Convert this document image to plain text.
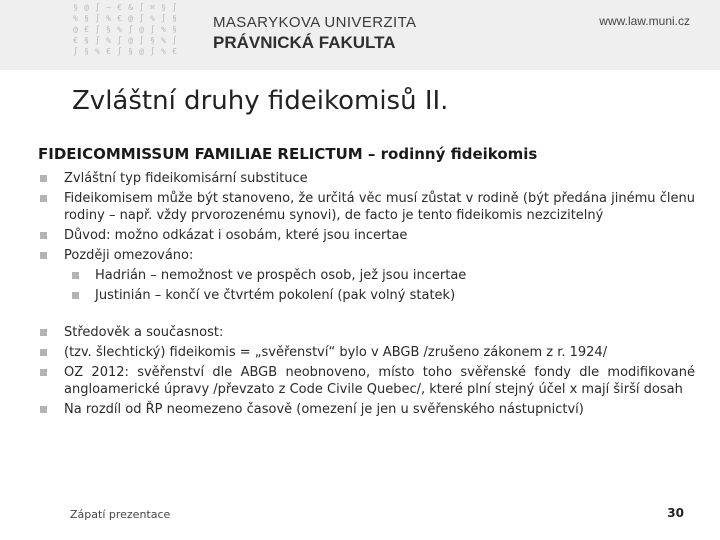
§ @ ∫ ~ € & ∫ ⌘ § ∫
% § ∫ % € @ ∫ % ∫ §
@ € ∫ § % ∫ @ ∫ % §
€ § ∫ % ∫ @ ∫ § % ∫
∫ § % € ∫ § @ ∫ % €
MASARYKOVA UNIVERZITA
PRÁVNICKÁ FAKULTA
www.law.muni.cz
Zvláštní druhy fideikomisů II.
FIDEICOMMISSUM FAMILIAE RELICTUM – rodinný fideikomis
Zvláštní typ fideikomisární substituce
Fideikomisem může být stanoveno, že určitá věc musí zůstat v rodině (být předána jinému členu rodiny – např. vždy prvorozenému synovi), de facto je tento fideikomis nezcizitelný
Důvod: možno odkázat i osobám, které jsou incertae
Později omezováno:
Hadrián – nemožnost ve prospěch osob, jež jsou incertae
Justinián – končí ve čtvrtém pokolení (pak volný statek)
Středověk a současnost:
(tzv. šlechtický) fideikomis = „svěřenství“ bylo v ABGB /zrušeno zákonem z r. 1924/
OZ 2012: svěřenství dle ABGB neobnoveno, místo toho svěřenské fondy dle modifikované angloamerické úpravy /převzato z Code Civile Quebec/, které plní stejný účel x mají širší dosah
Na rozdíl od ŘP neomezeno časově (omezení je jen u svěřenského nástupnictví)
Zápatí prezentace	30
